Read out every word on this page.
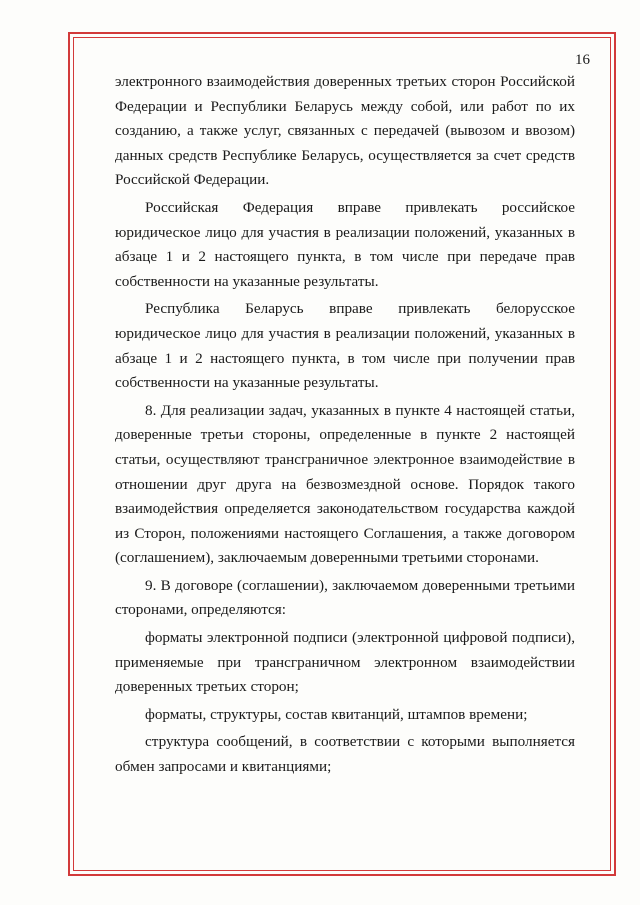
16

электронного взаимодействия доверенных третьих сторон Российской Федерации и Республики Беларусь между собой, или работ по их созданию, а также услуг, связанных с передачей (вывозом и ввозом) данных средств Республике Беларусь, осуществляется за счет средств Российской Федерации.

Российская Федерация вправе привлекать российское юридическое лицо для участия в реализации положений, указанных в абзаце 1 и 2 настоящего пункта, в том числе при передаче прав собственности на указанные результаты.

Республика Беларусь вправе привлекать белорусское юридическое лицо для участия в реализации положений, указанных в абзаце 1 и 2 настоящего пункта, в том числе при получении прав собственности на указанные результаты.

8. Для реализации задач, указанных в пункте 4 настоящей статьи, доверенные третьи стороны, определенные в пункте 2 настоящей статьи, осуществляют трансграничное электронное взаимодействие в отношении друг друга на безвозмездной основе. Порядок такого взаимодействия определяется законодательством государства каждой из Сторон, положениями настоящего Соглашения, а также договором (соглашением), заключаемым доверенными третьими сторонами.

9. В договоре (соглашении), заключаемом доверенными третьими сторонами, определяются:

форматы электронной подписи (электронной цифровой подписи), применяемые при трансграничном электронном взаимодействии доверенных третьих сторон;

форматы, структуры, состав квитанций, штампов времени;

структура сообщений, в соответствии с которыми выполняется обмен запросами и квитанциями;
